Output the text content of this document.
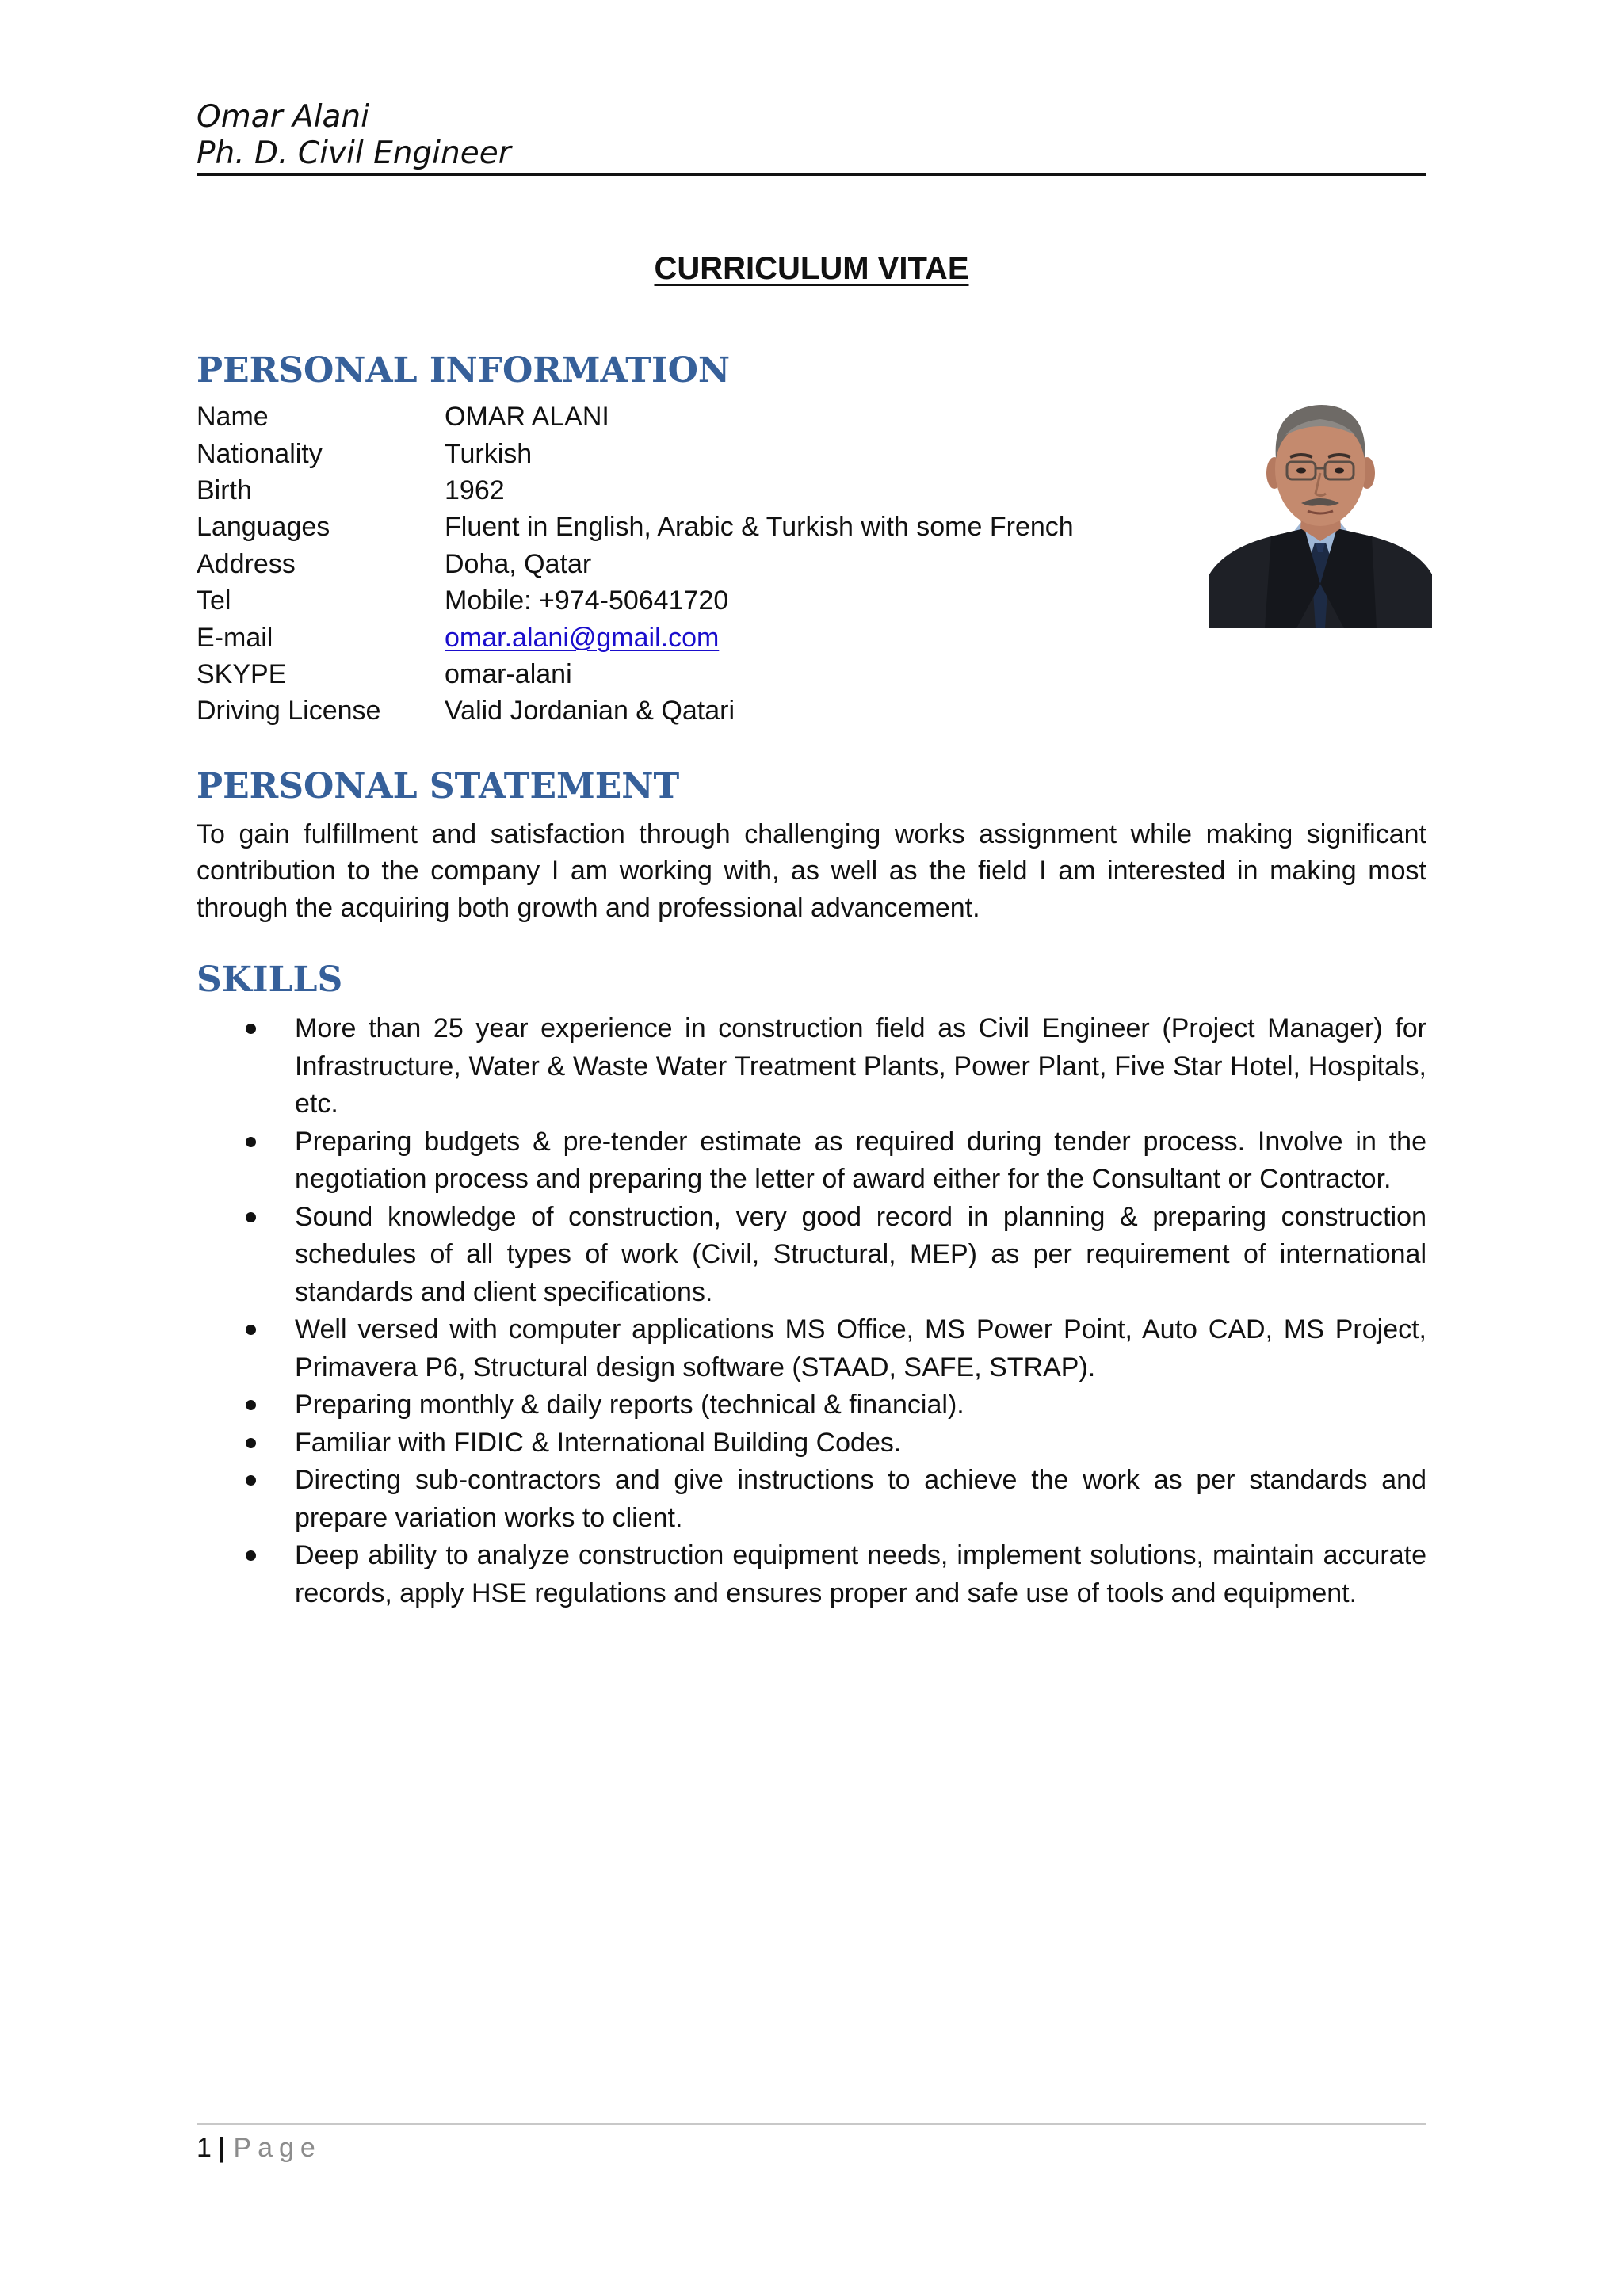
Omar Alani
Ph. D. Civil Engineer
CURRICULUM VITAE
PERSONAL INFORMATION
Name	OMAR ALANI
Nationality	Turkish
Birth	1962
Languages	Fluent in English, Arabic & Turkish with some French
Address	Doha, Qatar
Tel	Mobile: +974-50641720
E-mail	omar.alani@gmail.com
SKYPE	omar-alani
Driving License	Valid Jordanian & Qatari
PERSONAL STATEMENT
To gain fulfillment and satisfaction through challenging works assignment while making significant contribution to the company I am working with, as well as the field I am interested in making most through the acquiring both growth and professional advancement.
SKILLS
More than 25 year experience in construction field as Civil Engineer (Project Manager) for Infrastructure, Water & Waste Water Treatment Plants, Power Plant, Five Star Hotel, Hospitals, etc.
Preparing budgets & pre-tender estimate as required during tender process. Involve in the negotiation process and preparing the letter of award either for the Consultant or Contractor.
Sound knowledge of construction, very good record in planning & preparing construction schedules of all types of work (Civil, Structural, MEP) as per requirement of international standards and client specifications.
Well versed with computer applications MS Office, MS Power Point, Auto CAD, MS Project, Primavera P6, Structural design software (STAAD, SAFE, STRAP).
Preparing monthly & daily reports (technical & financial).
Familiar with FIDIC & International Building Codes.
Directing sub-contractors and give instructions to achieve the work as per standards and prepare variation works to client.
Deep ability to analyze construction equipment needs, implement solutions, maintain accurate records, apply HSE regulations and ensures proper and safe use of tools and equipment.
1 | Page
